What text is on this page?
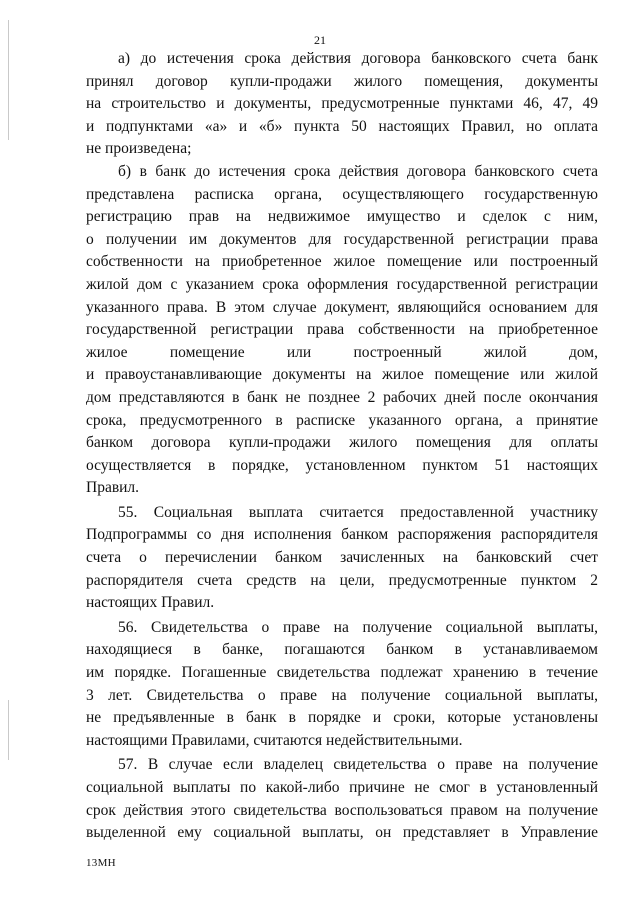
21
а) до истечения срока действия договора банковского счета банк
принял договор купли-продажи жилого помещения, документы
на строительство и документы, предусмотренные пунктами 46, 47, 49
и подпунктами «а» и «б» пункта 50 настоящих Правил, но оплата
не произведена;
б) в банк до истечения срока действия договора банковского счета
представлена расписка органа, осуществляющего государственную
регистрацию прав на недвижимое имущество и сделок с ним,
о получении им документов для государственной регистрации права
собственности на приобретенное жилое помещение или построенный
жилой дом с указанием срока оформления государственной регистрации
указанного права. В этом случае документ, являющийся основанием для
государственной регистрации права собственности на приобретенное
жилое помещение или построенный жилой дом,
и правоустанавливающие документы на жилое помещение или жилой
дом представляются в банк не позднее 2 рабочих дней после окончания
срока, предусмотренного в расписке указанного органа, а принятие
банком договора купли-продажи жилого помещения для оплаты
осуществляется в порядке, установленном пунктом 51 настоящих
Правил.
55. Социальная выплата считается предоставленной участнику
Подпрограммы со дня исполнения банком распоряжения распорядителя
счета о перечислении банком зачисленных на банковский счет
распорядителя счета средств на цели, предусмотренные пунктом 2
настоящих Правил.
56. Свидетельства о праве на получение социальной выплаты,
находящиеся в банке, погашаются банком в устанавливаемом
им порядке. Погашенные свидетельства подлежат хранению в течение
3 лет. Свидетельства о праве на получение социальной выплаты,
не предъявленные в банк в порядке и сроки, которые установлены
настоящими Правилами, считаются недействительными.
57. В случае если владелец свидетельства о праве на получение
социальной выплаты по какой-либо причине не смог в установленный
срок действия этого свидетельства воспользоваться правом на получение
выделенной ему социальной выплаты, он представляет в Управление
13MH
